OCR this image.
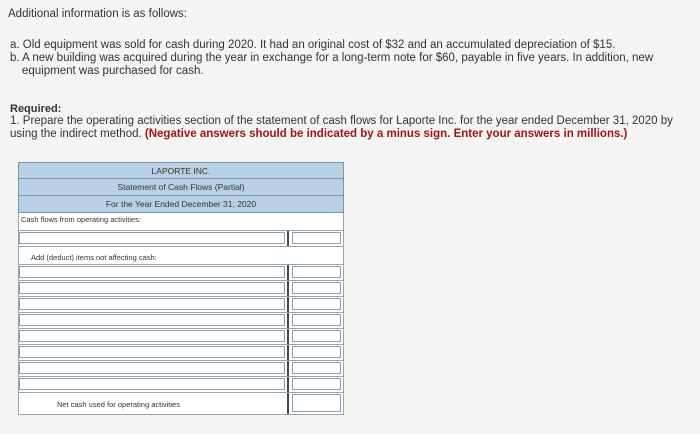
Additional information is as follows:
a. Old equipment was sold for cash during 2020. It had an original cost of $32 and an accumulated depreciation of $15.
b. A new building was acquired during the year in exchange for a long-term note for $60, payable in five years. In addition, new
equipment was purchased for cash.
Required:
1. Prepare the operating activities section of the statement of cash flows for Laporte Inc. for the year ended December 31, 2020 by
using the indirect method. (Negative answers should be indicated by a minus sign. Enter your answers in millions.)
LAPORTE INC.
Statement of Cash Flows (Partial)
For the Year Ended December 31, 2020
Cash flows from operating activities:
Add (deduct) items not affecting cash:
Net cash used for operating activities
